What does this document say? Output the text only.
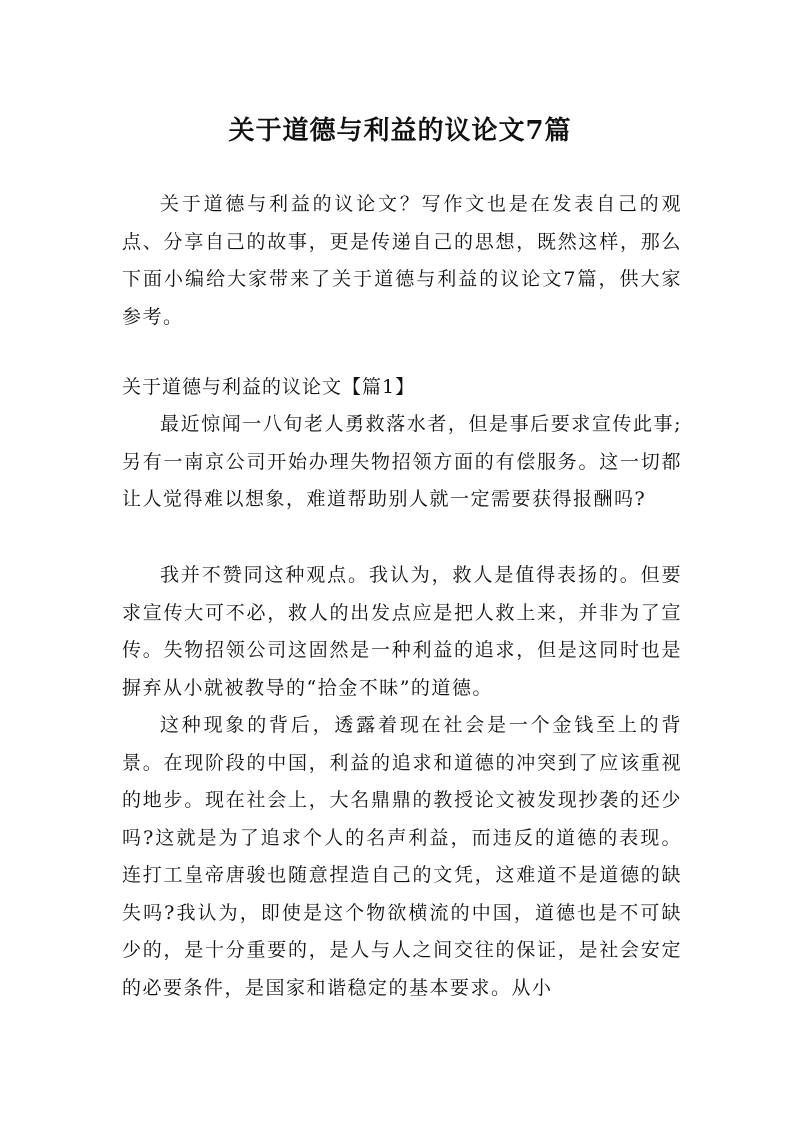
关于道德与利益的议论文7篇

关于道德与利益的议论文？写作文也是在发表自己的观点、分享自己的故事，更是传递自己的思想，既然这样，那么下面小编给大家带来了关于道德与利益的议论文7篇，供大家参考。

关于道德与利益的议论文【篇1】

最近惊闻一八旬老人勇救落水者，但是事后要求宣传此事;另有一南京公司开始办理失物招领方面的有偿服务。这一切都让人觉得难以想象，难道帮助别人就一定需要获得报酬吗?

我并不赞同这种观点。我认为，救人是值得表扬的。但要求宣传大可不必，救人的出发点应是把人救上来，并非为了宣传。失物招领公司这固然是一种利益的追求，但是这同时也是摒弃从小就被教导的“拾金不昧”的道德。

这种现象的背后，透露着现在社会是一个金钱至上的背景。在现阶段的中国，利益的追求和道德的冲突到了应该重视的地步。现在社会上，大名鼎鼎的教授论文被发现抄袭的还少吗?这就是为了追求个人的名声利益，而违反的道德的表现。连打工皇帝唐骏也随意捏造自己的文凭，这难道不是道德的缺失吗?我认为，即使是这个物欲横流的中国，道德也是不可缺少的，是十分重要的，是人与人之间交往的保证，是社会安定的必要条件，是国家和谐稳定的基本要求。从小
